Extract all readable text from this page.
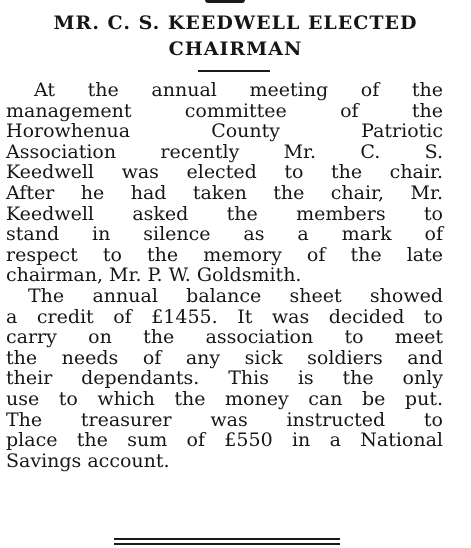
MR. C. S. KEEDWELL ELECTED
CHAIRMAN

At the annual meeting of the
management committee of the
Horowhenua County Patriotic
Association recently Mr. C. S.
Keedwell was elected to the chair.
After he had taken the chair, Mr.
Keedwell asked the members to
stand in silence as a mark of
respect to the memory of the late
chairman, Mr. P. W. Goldsmith.

The annual balance sheet showed
a credit of £1455. It was decided to
carry on the association to meet
the needs of any sick soldiers and
their dependants. This is the only
use to which the money can be put.
The treasurer was instructed to
place the sum of £550 in a National
Savings account.
